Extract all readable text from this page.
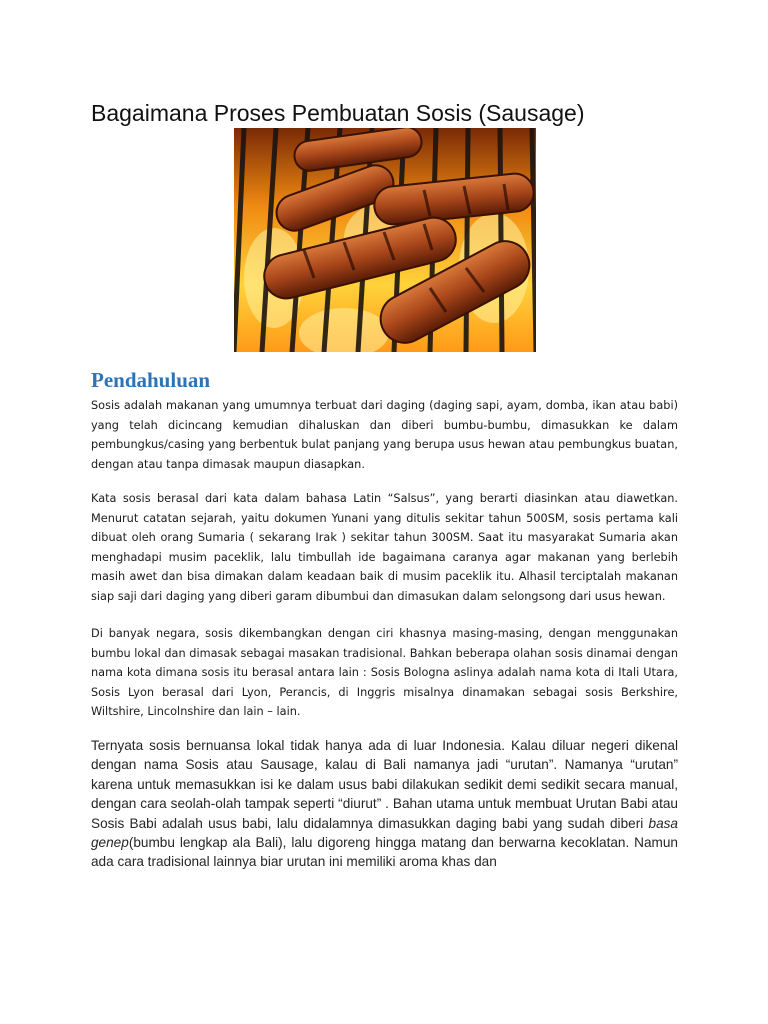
Bagaimana Proses Pembuatan Sosis (Sausage)
Pendahuluan

Sosis adalah makanan yang umumnya terbuat dari daging (daging sapi, ayam, domba, ikan atau babi) yang telah dicincang kemudian dihaluskan dan diberi bumbu-bumbu, dimasukkan ke dalam pembungkus/casing yang berbentuk bulat panjang yang berupa usus hewan atau pembungkus buatan, dengan atau tanpa dimasak maupun diasapkan.

Kata sosis berasal dari kata dalam bahasa Latin “Salsus”, yang berarti diasinkan atau diawetkan. Menurut catatan sejarah, yaitu dokumen Yunani yang ditulis sekitar tahun 500SM, sosis pertama kali dibuat oleh orang Sumaria ( sekarang Irak ) sekitar tahun 300SM. Saat itu masyarakat Sumaria akan menghadapi musim paceklik, lalu timbullah ide bagaimana caranya agar makanan yang berlebih masih awet dan bisa dimakan dalam keadaan baik di musim paceklik itu. Alhasil terciptalah makanan siap saji dari daging yang diberi garam dibumbui dan dimasukan dalam selongsong dari usus hewan.

Di banyak negara, sosis dikembangkan dengan ciri khasnya masing-masing, dengan menggunakan bumbu lokal dan dimasak sebagai masakan tradisional. Bahkan beberapa olahan sosis dinamai dengan nama kota dimana sosis itu berasal antara lain : Sosis Bologna aslinya adalah nama kota di Itali Utara, Sosis Lyon berasal dari Lyon, Perancis, di Inggris misalnya dinamakan sebagai sosis Berkshire, Wiltshire, Lincolnshire dan lain – lain.

Ternyata sosis bernuansa lokal tidak hanya ada di luar Indonesia. Kalau diluar negeri dikenal dengan nama Sosis atau Sausage, kalau di Bali namanya jadi “urutan”. Namanya “urutan” karena untuk memasukkan isi ke dalam usus babi dilakukan sedikit demi sedikit secara manual, dengan cara seolah-olah tampak seperti “diurut” . Bahan utama untuk membuat Urutan Babi atau Sosis Babi adalah usus babi, lalu didalamnya dimasukkan daging babi yang sudah diberi basa genep(bumbu lengkap ala Bali), lalu digoreng hingga matang dan berwarna kecoklatan. Namun ada cara tradisional lainnya biar urutan ini memiliki aroma khas dan
